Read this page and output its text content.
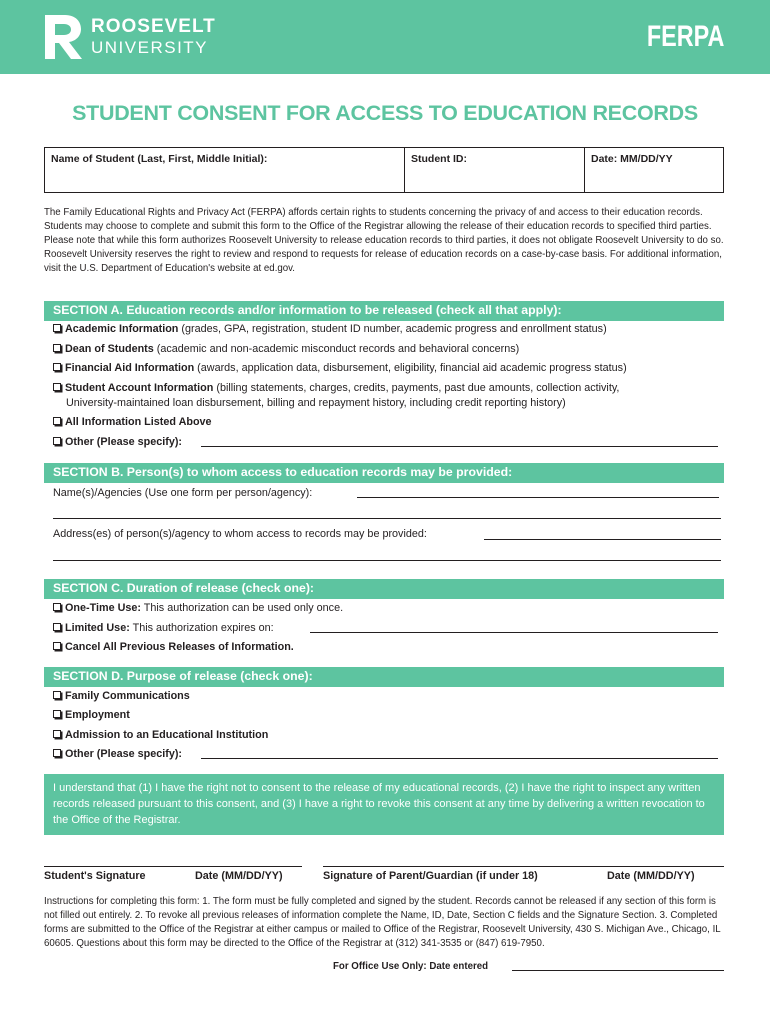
ROOSEVELT
UNIVERSITY	FERPA
STUDENT CONSENT FOR ACCESS TO EDUCATION RECORDS
Name of Student (Last, First, Middle Initial):	Student ID:	Date: MM/DD/YY
The Family Educational Rights and Privacy Act (FERPA) affords certain rights to students concerning the privacy of and access to their education records. Students may choose to complete and submit this form to the Office of the Registrar allowing the release of their education records to specified third parties. Please note that while this form authorizes Roosevelt University to release education records to third parties, it does not obligate Roosevelt University to do so. Roosevelt University reserves the right to review and respond to requests for release of education records on a case-by-case basis. For additional information, visit the U.S. Department of Education's website at ed.gov.
SECTION A. Education records and/or information to be released (check all that apply):
Academic Information (grades, GPA, registration, student ID number, academic progress and enrollment status)
Dean of Students (academic and non-academic misconduct records and behavioral concerns)
Financial Aid Information (awards, application data, disbursement, eligibility, financial aid academic progress status)
Student Account Information (billing statements, charges, credits, payments, past due amounts, collection activity,
University-maintained loan disbursement, billing and repayment history, including credit reporting history)
All Information Listed Above
Other (Please specify):
SECTION B. Person(s) to whom access to education records may be provided:
Name(s)/Agencies (Use one form per person/agency):
Address(es) of person(s)/agency to whom access to records may be provided:
SECTION C. Duration of release (check one):
One-Time Use: This authorization can be used only once.
Limited Use: This authorization expires on:
Cancel All Previous Releases of Information.
SECTION D. Purpose of release (check one):
Family Communications
Employment
Admission to an Educational Institution
Other (Please specify):
I understand that (1) I have the right not to consent to the release of my educational records, (2) I have the right to inspect any written records released pursuant to this consent, and (3) I have a right to revoke this consent at any time by delivering a written revocation to the Office of the Registrar.
Student's Signature	Date (MM/DD/YY)	Signature of Parent/Guardian (if under 18)	Date (MM/DD/YY)
Instructions for completing this form: 1. The form must be fully completed and signed by the student. Records cannot be released if any section of this form is not filled out entirely. 2. To revoke all previous releases of information complete the Name, ID, Date, Section C fields and the Signature Section. 3. Completed forms are submitted to the Office of the Registrar at either campus or mailed to Office of the Registrar, Roosevelt University, 430 S. Michigan Ave., Chicago, IL 60605. Questions about this form may be directed to the Office of the Registrar at (312) 341-3535 or (847) 619-7950.
For Office Use Only: Date entered
